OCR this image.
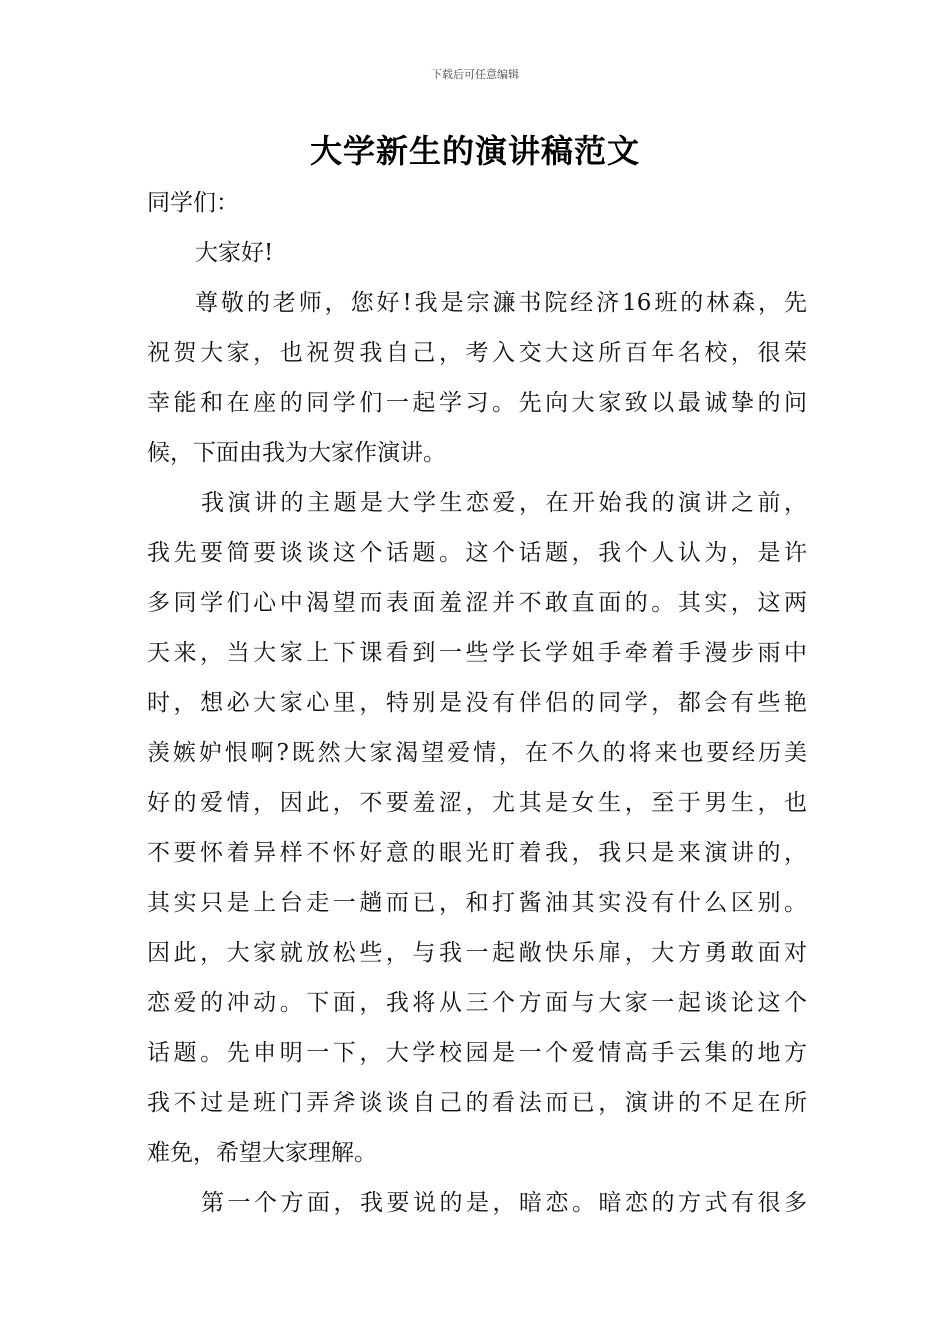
下载后可任意编辑
大学新生的演讲稿范文
同学们：
大家好!
尊敬的老师，您好!我是宗濂书院经济16班的林森，先
祝贺大家，也祝贺我自己，考入交大这所百年名校，很荣
幸能和在座的同学们一起学习。先向大家致以最诚挚的问
候，下面由我为大家作演讲。
我演讲的主题是大学生恋爱，在开始我的演讲之前，
我先要简要谈谈这个话题。这个话题，我个人认为，是许
多同学们心中渴望而表面羞涩并不敢直面的。其实，这两
天来，当大家上下课看到一些学长学姐手牵着手漫步雨中
时，想必大家心里，特别是没有伴侣的同学，都会有些艳
羡嫉妒恨啊?既然大家渴望爱情，在不久的将来也要经历美
好的爱情，因此，不要羞涩，尤其是女生，至于男生，也
不要怀着异样不怀好意的眼光盯着我，我只是来演讲的，
其实只是上台走一趟而已，和打酱油其实没有什么区别。
因此，大家就放松些，与我一起敞快乐扉，大方勇敢面对
恋爱的冲动。下面，我将从三个方面与大家一起谈论这个
话题。先申明一下，大学校园是一个爱情高手云集的地方
我不过是班门弄斧谈谈自己的看法而已，演讲的不足在所
难免，希望大家理解。
第一个方面，我要说的是，暗恋。暗恋的方式有很多
